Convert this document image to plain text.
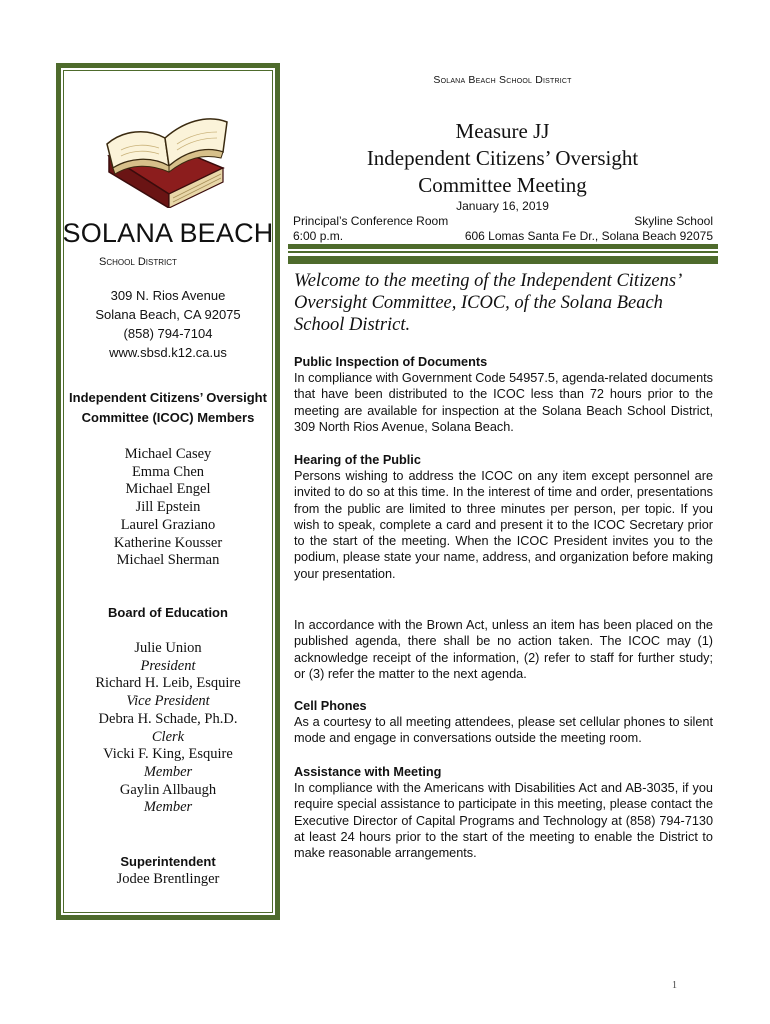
SOLANA BEACH
School District
309 N. Rios Avenue
Solana Beach, CA 92075
(858) 794-7104
www.sbsd.k12.ca.us
Independent Citizens’ Oversight
Committee (ICOC) Members
Michael Casey
Emma Chen
Michael Engel
Jill Epstein
Laurel Graziano
Katherine Kousser
Michael Sherman
Board of Education
Julie Union
President
Richard H. Leib, Esquire
Vice President
Debra H. Schade, Ph.D.
Clerk
Vicki F. King, Esquire
Member
Gaylin Allbaugh
Member
Superintendent
Jodee Brentlinger
Solana Beach School District
Measure JJ
Independent Citizens’ Oversight
Committee Meeting
January 16, 2019
Principal’s Conference Room
6:00 p.m.
Skyline School
606 Lomas Santa Fe Dr., Solana Beach 92075
Welcome to the meeting of the Independent Citizens’ Oversight Committee, ICOC, of the Solana Beach School District.
Public Inspection of Documents

In compliance with Government Code 54957.5, agenda-related documents that have been distributed to the ICOC less than 72 hours prior to the meeting are available for inspection at the Solana Beach School District, 309 North Rios Avenue, Solana Beach.

Hearing of the Public

Persons wishing to address the ICOC on any item except personnel are invited to do so at this time. In the interest of time and order, presentations from the public are limited to three minutes per person, per topic. If you wish to speak, complete a card and present it to the ICOC Secretary prior to the start of the meeting. When the ICOC President invites you to the podium, please state your name, address, and organization before making your presentation.

In accordance with the Brown Act, unless an item has been placed on the published agenda, there shall be no action taken. The ICOC may (1) acknowledge receipt of the information, (2) refer to staff for further study; or (3) refer the matter to the next agenda.

Cell Phones

As a courtesy to all meeting attendees, please set cellular phones to silent mode and engage in conversations outside the meeting room.

Assistance with Meeting

In compliance with the Americans with Disabilities Act and AB-3035, if you require special assistance to participate in this meeting, please contact the Executive Director of Capital Programs and Technology at (858) 794-7130 at least 24 hours prior to the start of the meeting to enable the District to make reasonable arrangements.

1
